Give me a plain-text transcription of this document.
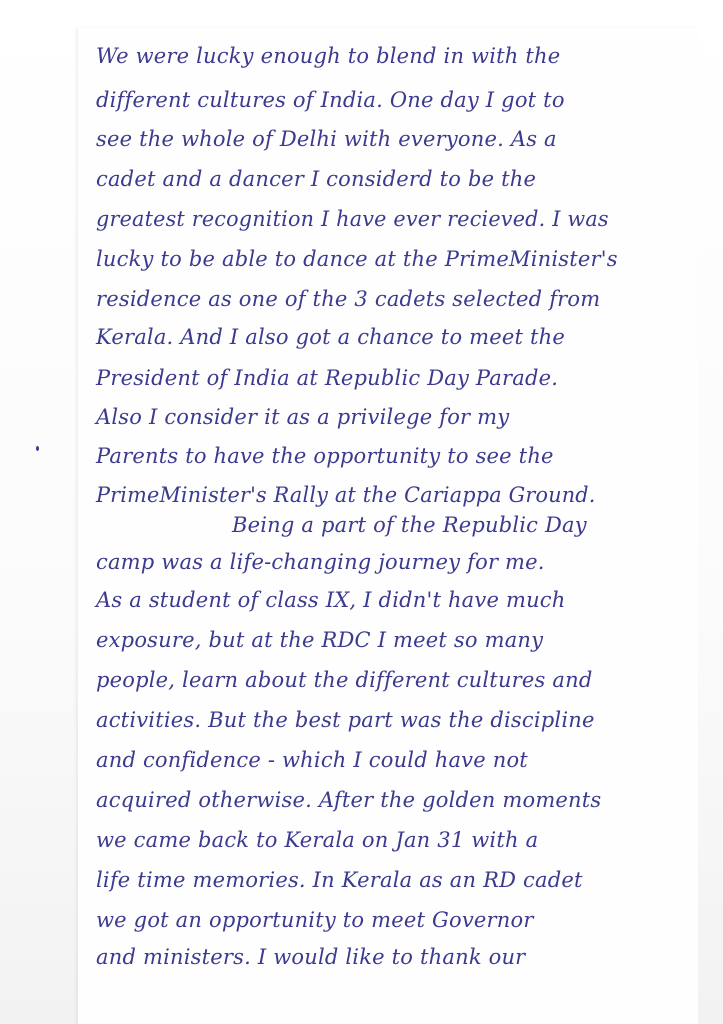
We were lucky enough to blend in with the
different cultures of India. One day I got to
see the whole of Delhi with everyone. As a
cadet and a dancer I considerd to be the
greatest recognition I have ever recieved. I was
lucky to be able to dance at the PrimeMinister's
residence as one of the 3 cadets selected from
Kerala. And I also got a chance to meet the
President of India at Republic Day Parade.
Also I consider it as a privilege for my
Parents to have the opportunity to see the
PrimeMinister's Rally at the Cariappa Ground.
Being a part of the Republic Day
camp was a life-changing journey for me.
As a student of class IX, I didn't have much
exposure, but at the RDC I meet so many
people, learn about the different cultures and
activities. But the best part was the discipline
and confidence - which I could have not
acquired otherwise. After the golden moments
we came back to Kerala on Jan 31 with a
life time memories. In Kerala as an RD cadet
we got an opportunity to meet Governor
and ministers. I would like to thank our
